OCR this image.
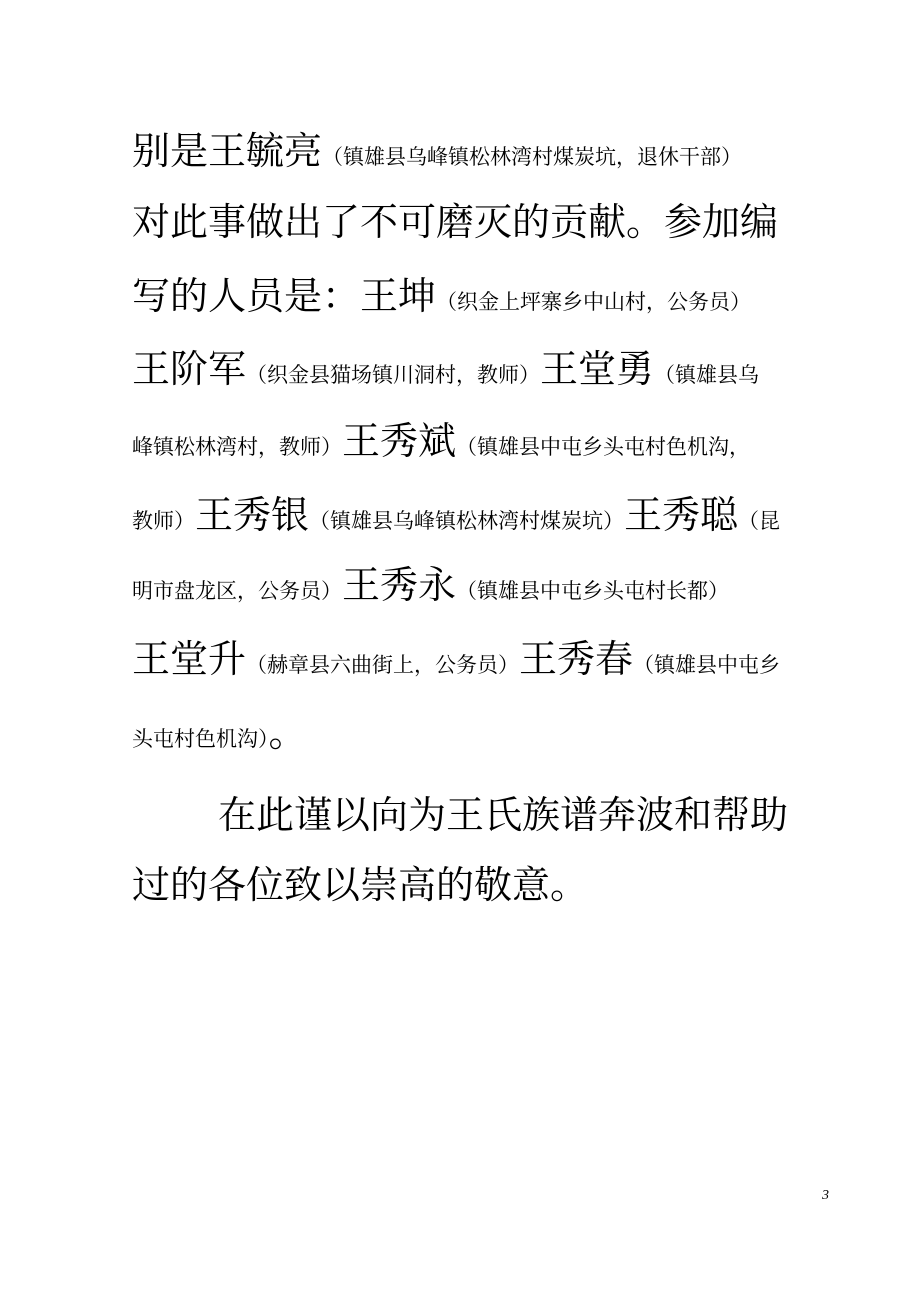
别是王毓亮（镇雄县乌峰镇松林湾村煤炭坑，退休干部）
对此事做出了不可磨灭的贡献。参加编
写的人员是：王坤（织金上坪寨乡中山村，公务员）
王阶军（织金县猫场镇川洞村，教师）王堂勇（镇雄县乌
峰镇松林湾村，教师）王秀斌（镇雄县中屯乡头屯村色机沟，
教师）王秀银（镇雄县乌峰镇松林湾村煤炭坑）王秀聪（昆
明市盘龙区，公务员）王秀永（镇雄县中屯乡头屯村长都）
王堂升（赫章县六曲街上，公务员）王秀春（镇雄县中屯乡
头屯村色机沟）。
在此谨以向为王氏族谱奔波和帮助
过的各位致以崇高的敬意。
3
